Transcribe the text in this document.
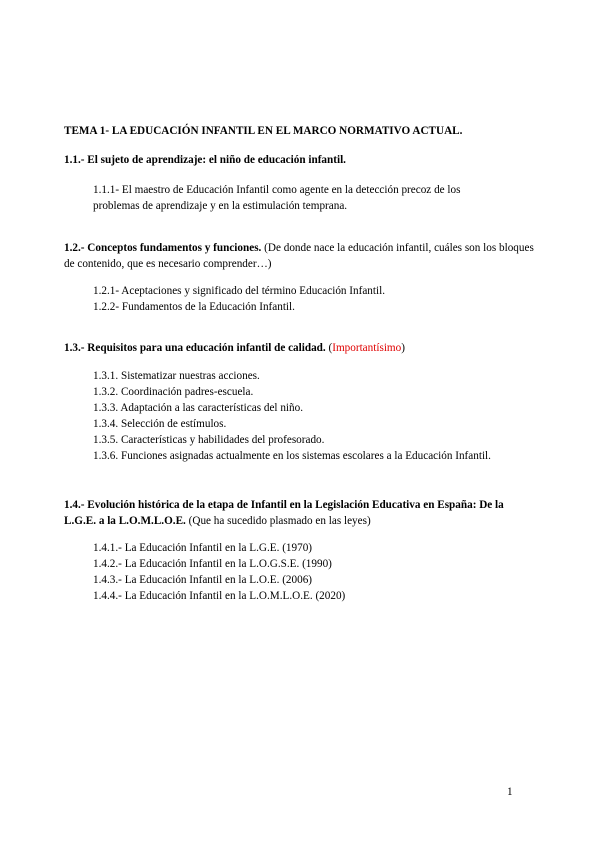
TEMA 1- LA EDUCACIÓN INFANTIL EN EL MARCO NORMATIVO ACTUAL.
1.1.- El sujeto de aprendizaje: el niño de educación infantil.
1.1.1- El maestro de Educación Infantil como agente en la detección precoz de los problemas de aprendizaje y en la estimulación temprana.
1.2.- Conceptos fundamentos y funciones. (De donde nace la educación infantil, cuáles son los bloques de contenido, que es necesario comprender…)
1.2.1- Aceptaciones y significado del término Educación Infantil.
1.2.2- Fundamentos de la Educación Infantil.
1.3.- Requisitos para una educación infantil de calidad. (Importantísimo)
1.3.1. Sistematizar nuestras acciones.
1.3.2. Coordinación padres-escuela.
1.3.3. Adaptación a las características del niño.
1.3.4. Selección de estímulos.
1.3.5. Características y habilidades del profesorado.
1.3.6. Funciones asignadas actualmente en los sistemas escolares a la Educación Infantil.
1.4.- Evolución histórica de la etapa de Infantil en la Legislación Educativa en España: De la L.G.E. a la L.O.M.L.O.E. (Que ha sucedido plasmado en las leyes)
1.4.1.- La Educación Infantil en la L.G.E. (1970)
1.4.2.- La Educación Infantil en la L.O.G.S.E. (1990)
1.4.3.- La Educación Infantil en la L.O.E. (2006)
1.4.4.- La Educación Infantil en la L.O.M.L.O.E. (2020)
1
